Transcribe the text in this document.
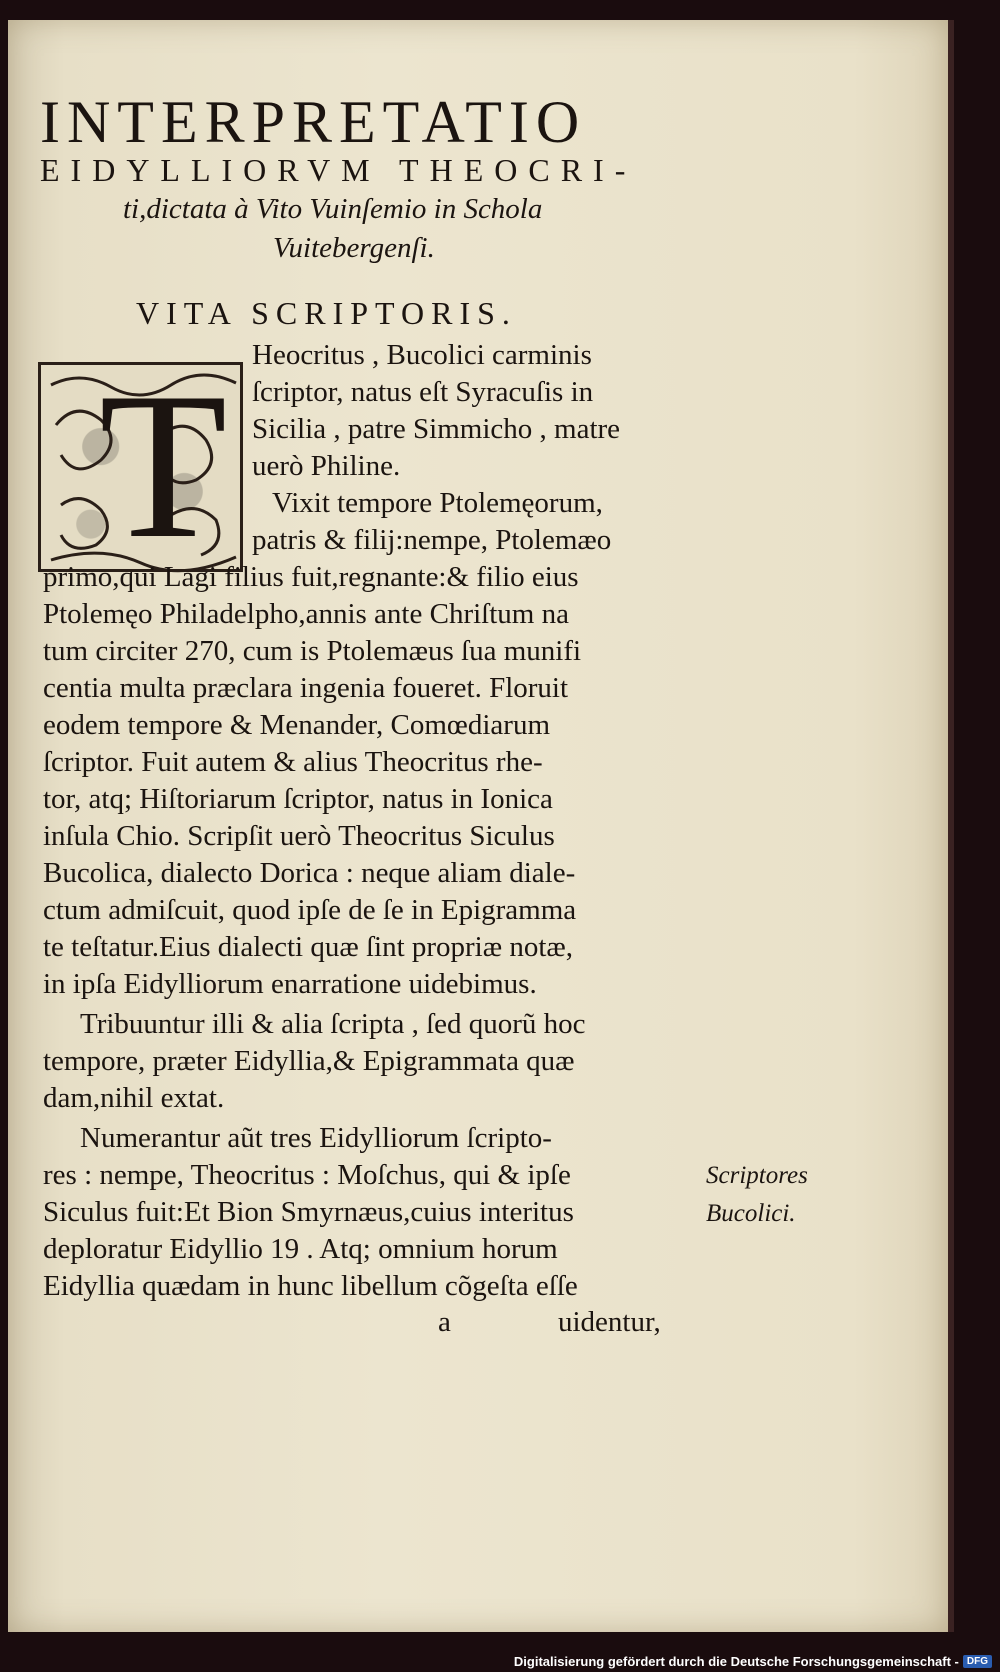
INTERPRETATIO
EIDYLLIORVM THEOCRI-
ti,dictata à Vito Vuinſemio in Schola
Vuitebergenſi.
VITA SCRIPTORIS.
T Heocritus , Bucolici carminis
ſcriptor, natus eſt Syracuſis in
Sicilia , patre Simmicho , matre
uerò Philine.
Vixit tempore Ptolemęorum,
patris & filij:nempe, Ptolemæo
primo,qui Lagi filius fuit,regnante:& filio eius
Ptolemęo Philadelpho,annis ante Chriſtum na
tum circiter 270, cum is Ptolemæus ſua munifi
centia multa præclara ingenia foueret. Floruit
eodem tempore & Menander, Comœdiarum
ſcriptor. Fuit autem & alius Theocritus rhe-
tor, atq; Hiſtoriarum ſcriptor, natus in Ionica
inſula Chio. Scripſit uerò Theocritus Siculus
Bucolica, dialecto Dorica : neque aliam diale-
ctum admiſcuit, quod ipſe de ſe in Epigramma
te teſtatur.Eius dialecti quæ ſint propriæ notæ,
in ipſa Eidylliorum enarratione uidebimus.
Tribuuntur illi & alia ſcripta , ſed quorũ hoc
tempore, præter Eidyllia,& Epigrammata quæ
dam,nihil extat.
Numerantur aũt tres Eidylliorum ſcripto-
res : nempe, Theocritus : Moſchus, qui & ipſe
Siculus fuit:Et Bion Smyrnæus,cuius interitus
deploratur Eidyllio 19 . Atq; omnium horum
Eidyllia quædam in hunc libellum cõgeſta eſſe
Scriptores
Bucolici.
a	uidentur,
Digitalisierung gefördert durch die Deutsche Forschungsgemeinschaft - DFG
